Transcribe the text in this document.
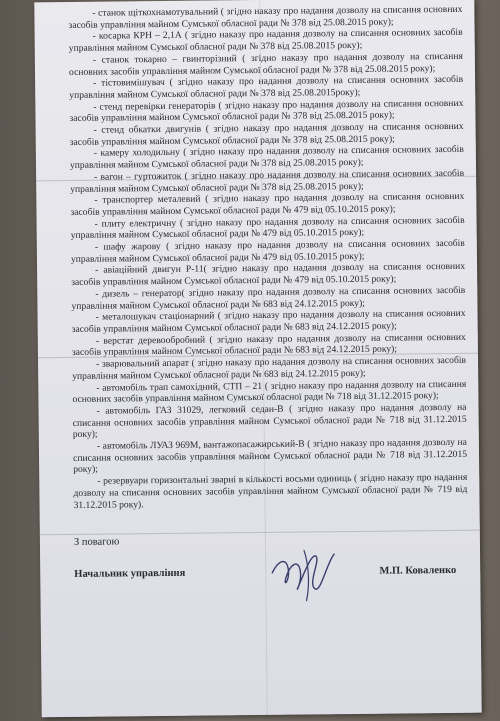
- станок щіткохнамотувальний ( згідно наказу про надання дозволу на списання основних засобів управління майном Сумської обласної ради № 378 від 25.08.2015 року);

- косарка КРН – 2,1А ( згідно наказу про надання дозволу на списання основних засобів управління майном Сумської обласної ради № 378 від 25.08.2015 року);

- станок токарно – гвинторізний ( згідно наказу про надання дозволу на списання основних засобів управління майном Сумської обласної ради № 378 від 25.08.2015 року);

- тістовимішувач ( згідно наказу про надання дозволу на списання основних засобів управління майном Сумської обласної ради № 378 від 25.08.2015року);

- стенд перевірки генераторів ( згідно наказу про надання дозволу на списання основних засобів управління майном Сумської обласної ради № 378 від 25.08.2015 року);

- стенд обкатки двигунів ( згідно наказу про надання дозволу на списання основних засобів управління майном Сумської обласної ради № 378 від 25.08.2015 року);

- камеру холодильну ( згідно наказу про надання дозволу на списання основних засобів управління майном Сумської обласної ради № 378 від 25.08.2015 року);

- вагон – гуртожиток ( згідно наказу про надання дозволу на списання основних засобів управління майном Сумської обласної ради № 378 від 25.08.2015 року);

- транспортер металевий ( згідно наказу про надання дозволу на списання основних засобів управління майном Сумської обласної ради № 479 від 05.10.2015 року);

- плиту електричну ( згідно наказу про надання дозволу на списання основних засобів управління майном Сумської обласної ради № 479 від 05.10.2015 року);

- шафу жарову ( згідно наказу про надання дозволу на списання основних засобів управління майном Сумської обласної ради № 479 від 05.10.2015 року);

- авіаційний двигун Р-11( згідно наказу про надання дозволу на списання основних засобів управління майном Сумської обласної ради № 479 від 05.10.2015 року);

- дизель – генератор( згідно наказу про надання дозволу на списання основних засобів управління майном Сумської обласної ради № 683 від 24.12.2015 року);

- металошукач стаціонарний ( згідно наказу про надання дозволу на списання основних засобів управління майном Сумської обласної ради № 683 від 24.12.2015 року);

- верстат деревообробний ( згідно наказу про надання дозволу на списання основних засобів управління майном Сумської обласної ради № 683 від 24.12.2015 року);

- зварювальний апарат ( згідно наказу про надання дозволу на списання основних засобів управління майном Сумської обласної ради № 683 від 24.12.2015 року);

- автомобіль трап самохідний, СТП – 21 ( згідно наказу про надання дозволу на списання основних засобів управління майном Сумської обласної ради № 718 від 31.12.2015 року);

- автомобіль ГАЗ 31029, легковий седан-В ( згідно наказу про надання дозволу на списання основних засобів управління майном Сумської обласної ради № 718 від 31.12.2015 року);

- автомобіль ЛУАЗ 969М, вантажопасажирський-В ( згідно наказу про надання дозволу на списання основних засобів управління майном Сумської обласної ради № 718 від 31.12.2015 року);

- резервуари горизонтальні зварні в кількості восьми одиниць ( згідно наказу про надання дозволу на списання основних засобів управління майном Сумської обласної ради № 719 від 31.12.2015 року).

З повагою
Начальник управління	М.П. Коваленко
